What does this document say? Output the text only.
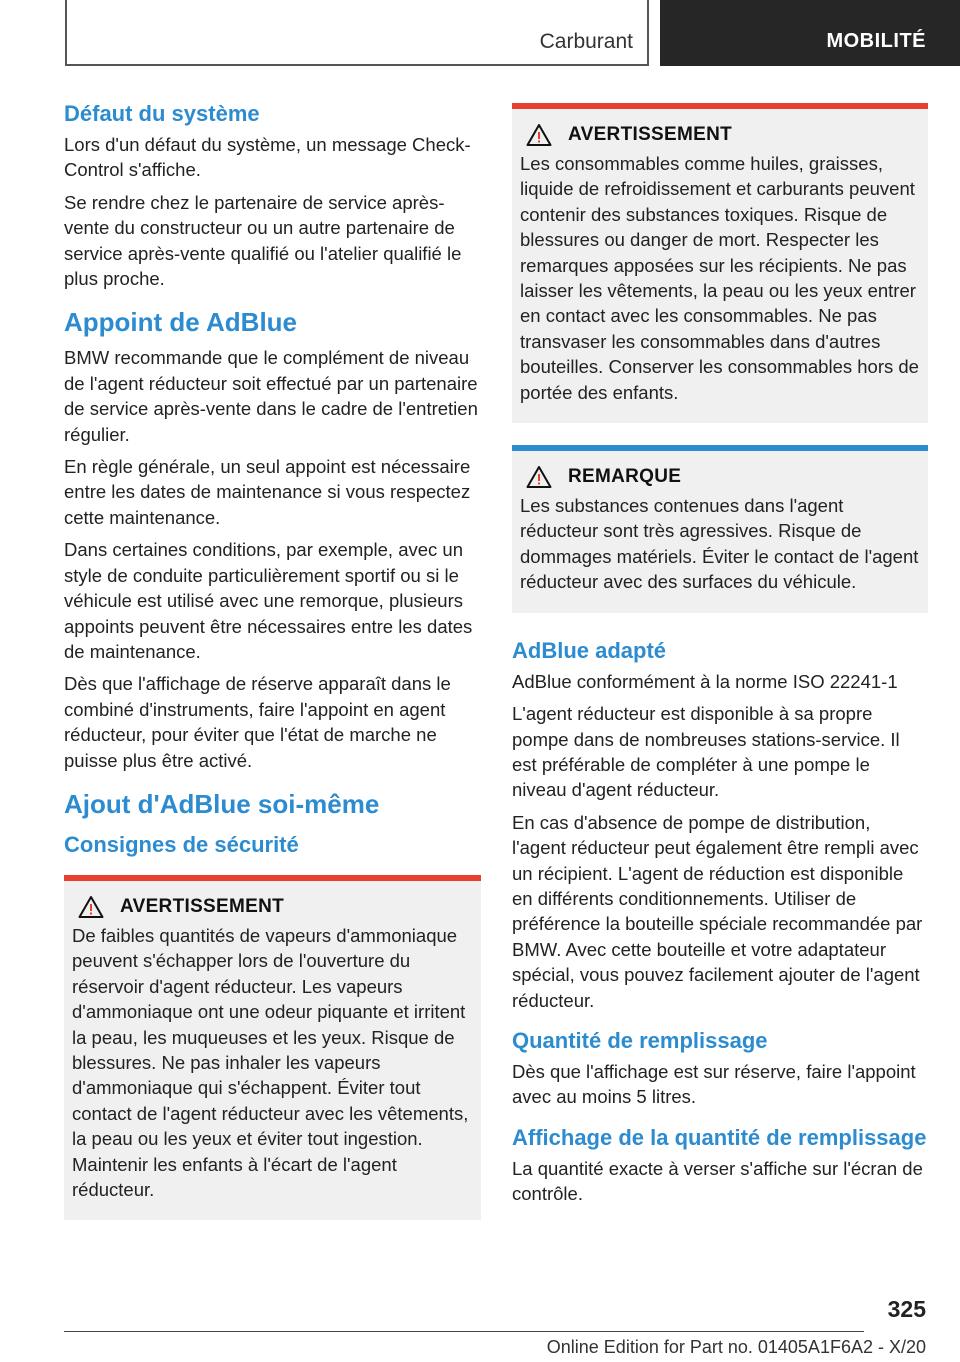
Carburant	MOBILITÉ
Défaut du système

Lors d'un défaut du système, un message Check-Control s'affiche.

Se rendre chez le partenaire de service après-vente du constructeur ou un autre partenaire de service après-vente qualifié ou l'atelier qualifié le plus proche.

Appoint de AdBlue

BMW recommande que le complément de niveau de l'agent réducteur soit effectué par un partenaire de service après-vente dans le cadre de l'entretien régulier.

En règle générale, un seul appoint est nécessaire entre les dates de maintenance si vous respectez cette maintenance.

Dans certaines conditions, par exemple, avec un style de conduite particulièrement sportif ou si le véhicule est utilisé avec une remorque, plusieurs appoints peuvent être nécessaires entre les dates de maintenance.

Dès que l'affichage de réserve apparaît dans le combiné d'instruments, faire l'appoint en agent réducteur, pour éviter que l'état de marche ne puisse plus être activé.

Ajout d'AdBlue soi-même
Consignes de sécurité
AVERTISSEMENT

De faibles quantités de vapeurs d'ammoniaque peuvent s'échapper lors de l'ouverture du réservoir d'agent réducteur. Les vapeurs d'ammoniaque ont une odeur piquante et irritent la peau, les muqueuses et les yeux. Risque de blessures. Ne pas inhaler les vapeurs d'ammoniaque qui s'échappent. Éviter tout contact de l'agent réducteur avec les vêtements, la peau ou les yeux et éviter tout ingestion. Maintenir les enfants à l'écart de l'agent réducteur.

AVERTISSEMENT

Les consommables comme huiles, graisses, liquide de refroidissement et carburants peuvent contenir des substances toxiques. Risque de blessures ou danger de mort. Respecter les remarques apposées sur les récipients. Ne pas laisser les vêtements, la peau ou les yeux entrer en contact avec les consommables. Ne pas transvaser les consommables dans d'autres bouteilles. Conserver les consommables hors de portée des enfants.

REMARQUE

Les substances contenues dans l'agent réducteur sont très agressives. Risque de dommages matériels. Éviter le contact de l'agent réducteur avec des surfaces du véhicule.

AdBlue adapté

AdBlue conformément à la norme ISO 22241-1

L'agent réducteur est disponible à sa propre pompe dans de nombreuses stations-service. Il est préférable de compléter à une pompe le niveau d'agent réducteur.

En cas d'absence de pompe de distribution, l'agent réducteur peut également être rempli avec un récipient. L'agent de réduction est disponible en différents conditionnements. Utiliser de préférence la bouteille spéciale recommandée par BMW. Avec cette bouteille et votre adaptateur spécial, vous pouvez facilement ajouter de l'agent réducteur.

Quantité de remplissage

Dès que l'affichage est sur réserve, faire l'appoint avec au moins 5 litres.

Affichage de la quantité de remplissage

La quantité exacte à verser s'affiche sur l'écran de contrôle.

325
Online Edition for Part no. 01405A1F6A2 - X/20
